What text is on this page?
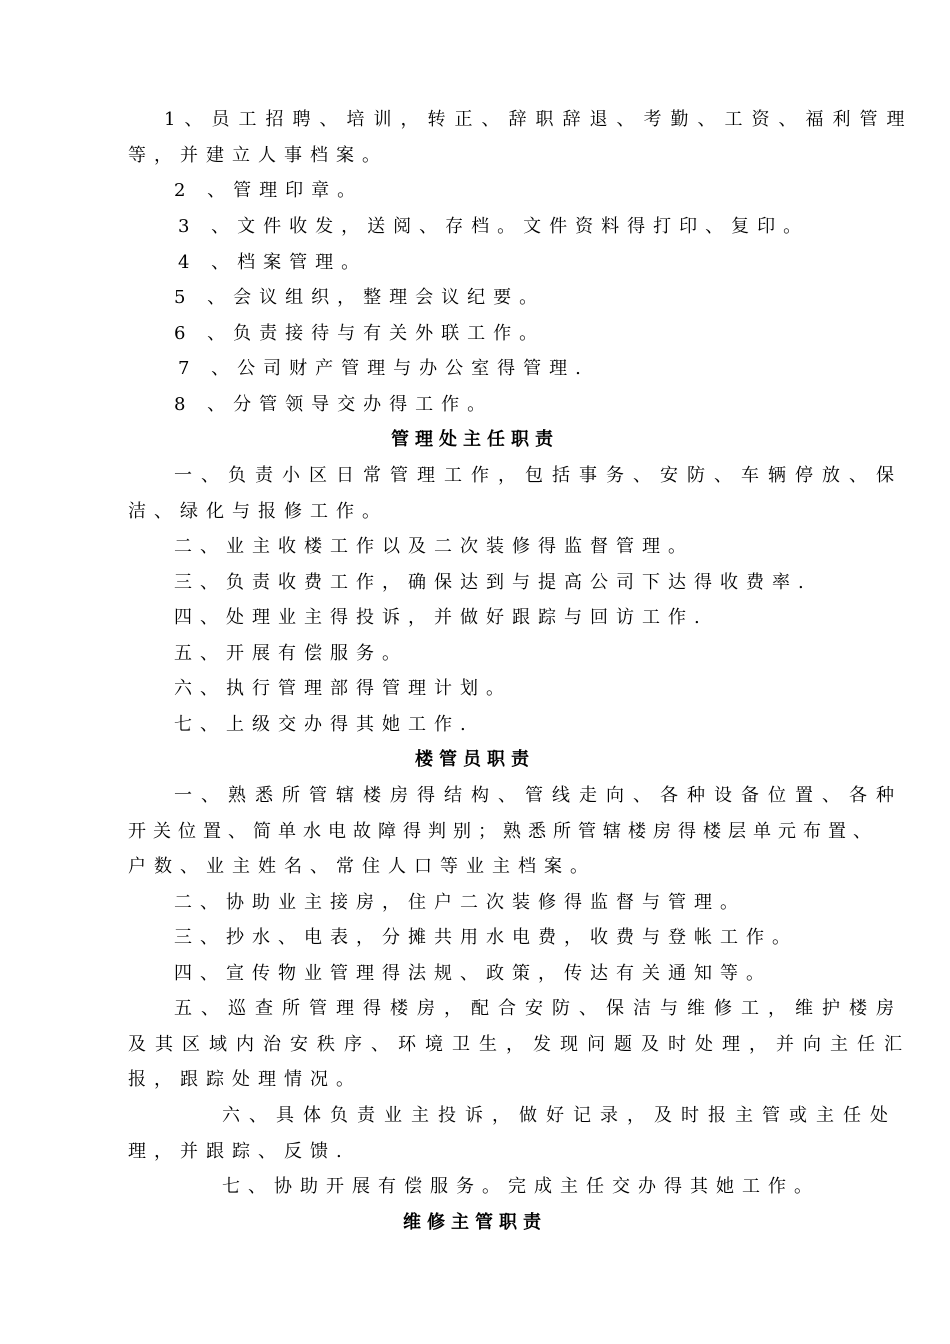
1、员工招聘、培训，转正、辞职辞退、考勤、工资、福利管理
等，并建立人事档案。
2 、管理印章。
3 、文件收发，送阅、存档。文件资料得打印、复印。
4 、档案管理。
5 、会议组织，整理会议纪要。
6 、负责接待与有关外联工作。
7 、公司财产管理与办公室得管理.
8 、分管领导交办得工作。
管理处主任职责
一、负责小区日常管理工作，包括事务、安防、车辆停放、保
洁、绿化与报修工作。
二、业主收楼工作以及二次装修得监督管理。
三、负责收费工作，确保达到与提高公司下达得收费率.
四、处理业主得投诉，并做好跟踪与回访工作.
五、开展有偿服务。
六、执行管理部得管理计划。
七、上级交办得其她工作.
楼管员职责
一、熟悉所管辖楼房得结构、管线走向、各种设备位置、各种
开关位置、简单水电故障得判别；熟悉所管辖楼房得楼层单元布置、
户数、业主姓名、常住人口等业主档案。
二、协助业主接房，住户二次装修得监督与管理。
三、抄水、电表，分摊共用水电费，收费与登帐工作。
四、宣传物业管理得法规、政策，传达有关通知等。
五、巡查所管理得楼房，配合安防、保洁与维修工，维护楼房
及其区域内治安秩序、环境卫生，发现问题及时处理，并向主任汇
报，跟踪处理情况。
六、具体负责业主投诉，做好记录，及时报主管或主任处
理，并跟踪、反馈.
七、协助开展有偿服务。完成主任交办得其她工作。
维修主管职责
